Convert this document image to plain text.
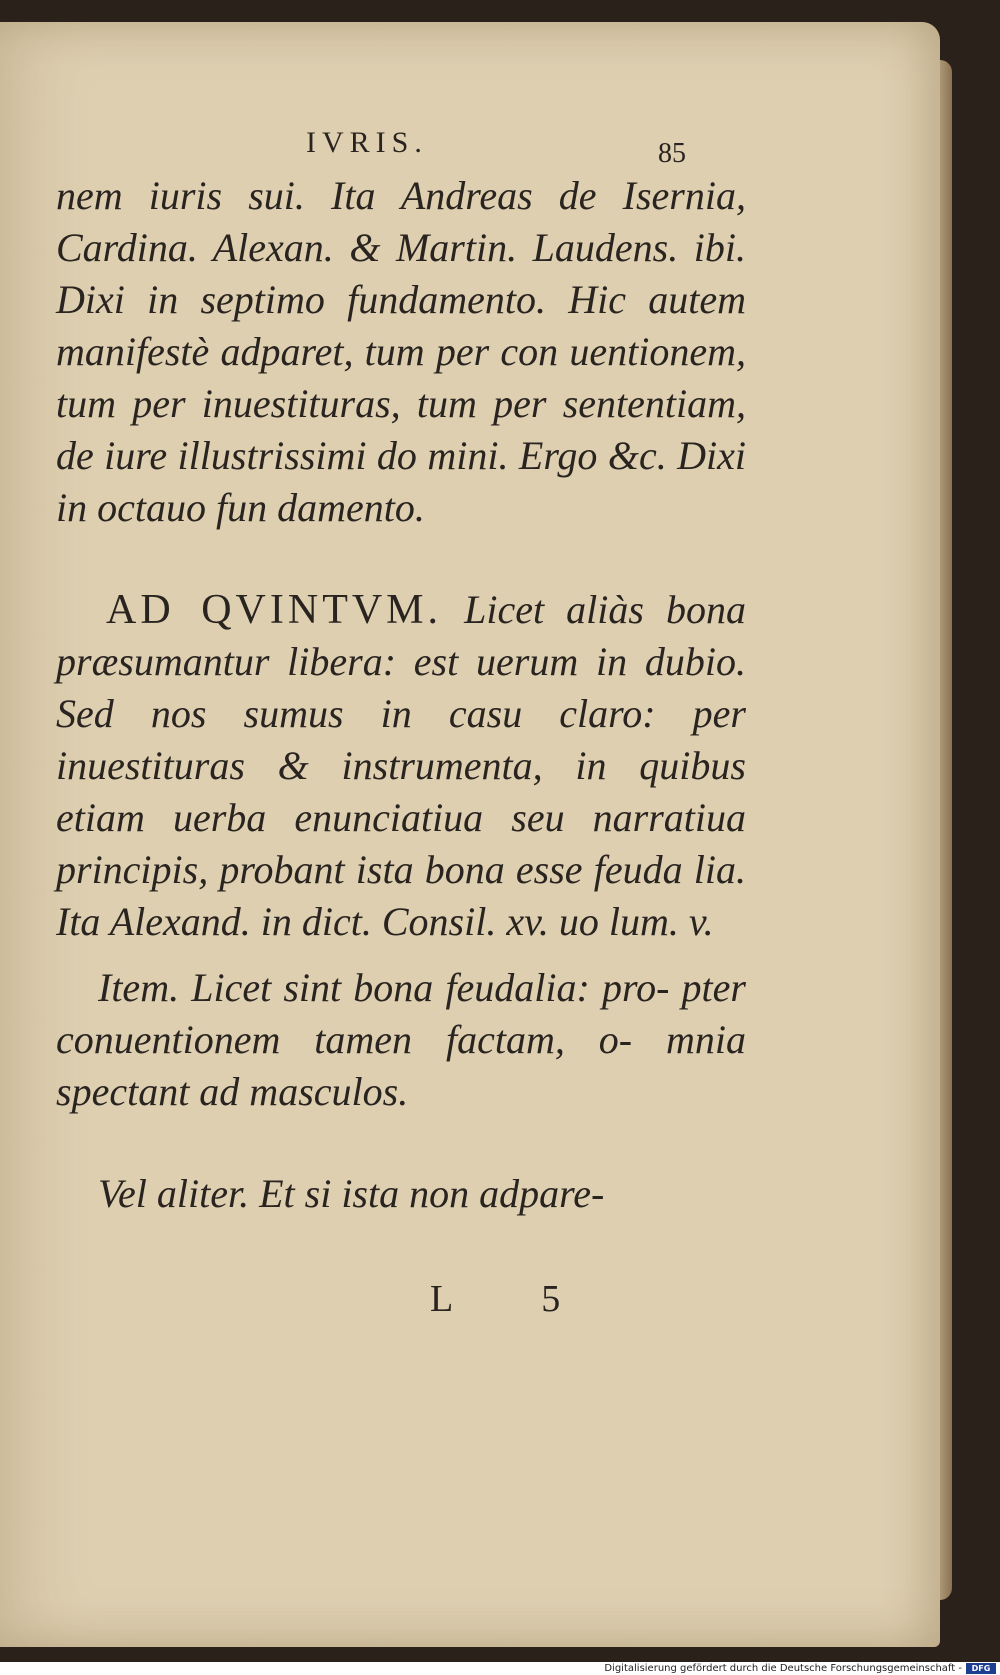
IVRIS.	85

nem iuris sui. Ita Andreas de Isernia, Cardina. Alexan. & Martin. Laudens. ibi. Dixi in septimo fundamento. Hic autem manifestè adparet, tum per con uentionem, tum per inuestituras, tum per sententiam, de iure illustrissimi do mini. Ergo &c. Dixi in octauo fun damento.

AD QVINTVM. Licet aliàs bona præsumantur libera: est uerum in dubio. Sed nos sumus in casu claro: per inuestituras & instrumenta, in quibus etiam uerba enunciatiua seu narratiua principis, probant ista bona esse feuda lia. Ita Alexand. in dict. Consil. xv. uo lum. v.

Item. Licet sint bona feudalia: pro- pter conuentionem tamen factam, o- mnia spectant ad masculos.

Vel aliter. Et si ista non adpare-

L 5
Digitalisierung gefördert durch die Deutsche Forschungsgemeinschaft -	DFG
